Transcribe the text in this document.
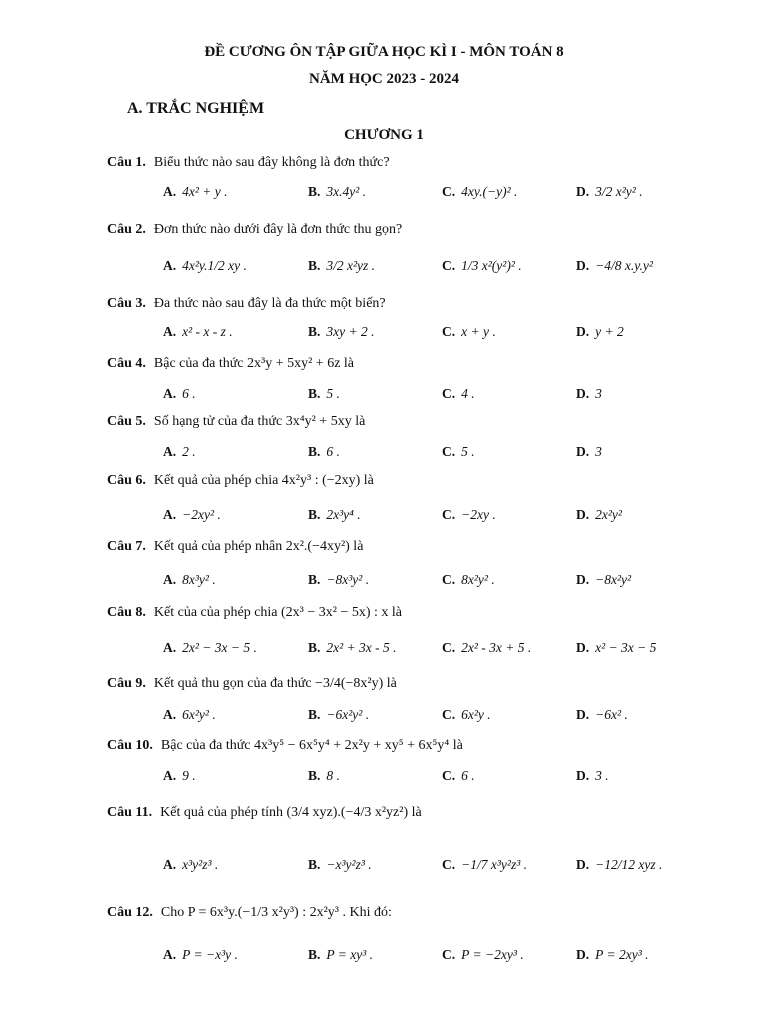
ĐỀ CƯƠNG ÔN TẬP GIỮA HỌC KÌ I - MÔN TOÁN 8
NĂM HỌC 2023 - 2024
A. TRẮC NGHIỆM
CHƯƠNG 1
Câu 1. Biểu thức nào sau đây không là đơn thức?
A. 4x² + y .	B. 3x.4y² .	C. 4xy.(−y)² .	D. 3/2 x²y² .
Câu 2. Đơn thức nào dưới đây là đơn thức thu gọn?
A. 4x²y.1/2 xy .	B. 3/2 x²yz .	C. 1/3 x²(y²)² .	D. −4/8 x.y.y²
Câu 3. Đa thức nào sau đây là đa thức một biến?
A. x² - x - z .	B. 3xy + 2 .	C. x + y .	D. y + 2
Câu 4. Bậc của đa thức 2x³y + 5xy² + 6z là
A. 6 .	B. 5 .	C. 4 .	D. 3
Câu 5. Số hạng tử của đa thức 3x⁴y² + 5xy là
A. 2 .	B. 6 .	C. 5 .	D. 3
Câu 6. Kết quả của phép chia 4x²y³ : (−2xy) là
A. −2xy² .	B. 2x³y⁴ .	C. −2xy .	D. 2x²y²
Câu 7. Kết quả của phép nhân 2x².(−4xy²) là
A. 8x³y² .	B. −8x³y² .	C. 8x²y² .	D. −8x²y²
Câu 8. Kết của của phép chia (2x³ − 3x² − 5x) : x là
A. 2x² − 3x − 5 .	B. 2x² + 3x - 5 .	C. 2x² - 3x + 5 .	D. x² − 3x − 5
Câu 9. Kết quả thu gọn của đa thức −3/4(−8x²y) là
A. 6x²y² .	B. −6x²y² .	C. 6x²y .	D. −6x² .
Câu 10. Bậc của đa thức 4x³y⁵ − 6x⁵y⁴ + 2x²y + xy⁵ + 6x⁵y⁴ là
A. 9 .	B. 8 .	C. 6 .	D. 3 .
Câu 11. Kết quả của phép tính (3/4 xyz).(−4/3 x²yz²) là
A. x³y²z³ .	B. −x³y²z³ .	C. −1/7 x³y²z³ .	D. −12/12 xyz .
Câu 12. Cho P = 6x³y.(−1/3 x²y³) : 2x²y³ . Khi đó:
A. P = −x³y .	B. P = xy³ .	C. P = −2xy³ .	D. P = 2xy³ .
